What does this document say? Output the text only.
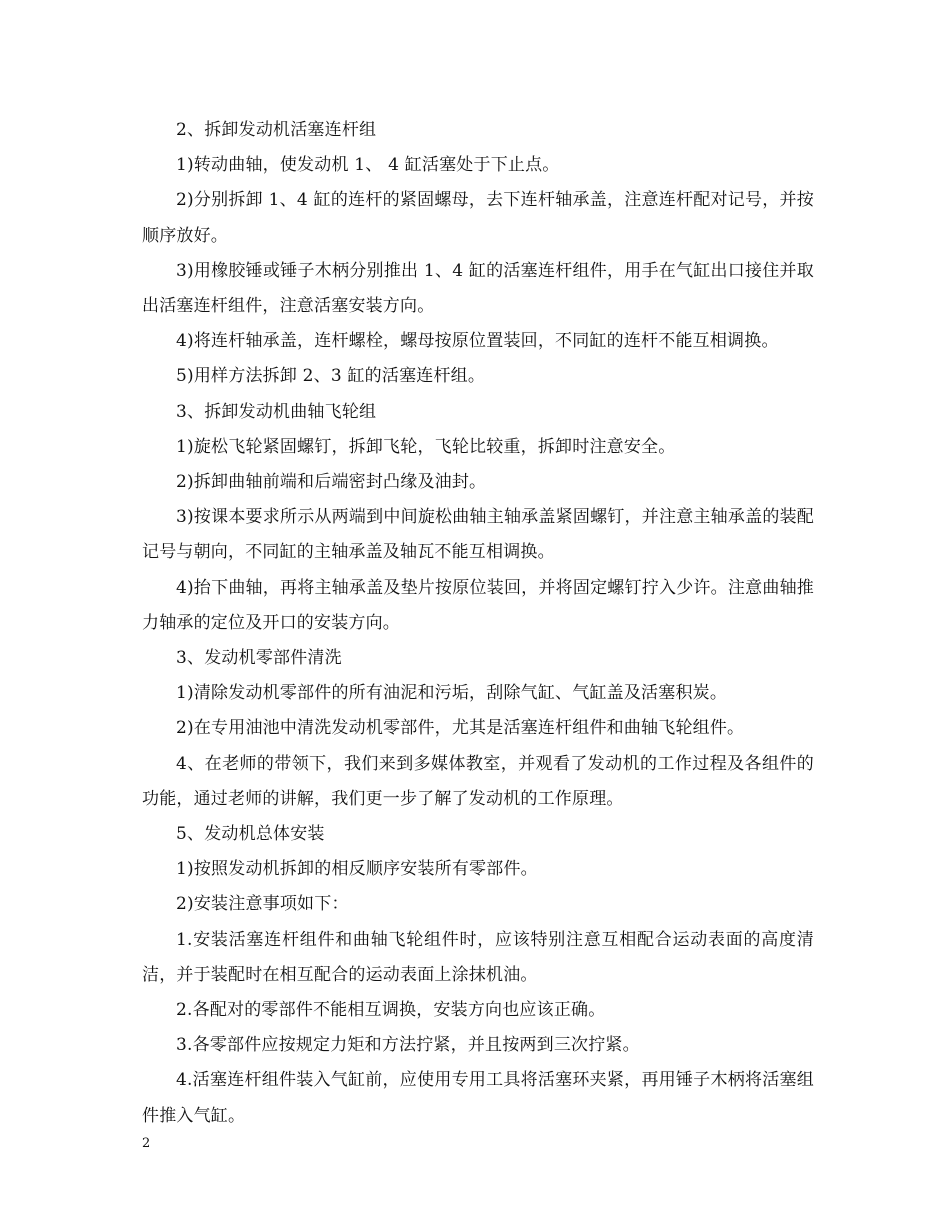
2、拆卸发动机活塞连杆组

1)转动曲轴，使发动机 1、 4 缸活塞处于下止点。

2)分别拆卸 1、4 缸的连杆的紧固螺母，去下连杆轴承盖，注意连杆配对记号，并按顺序放好。

3)用橡胶锤或锤子木柄分别推出 1、4 缸的活塞连杆组件，用手在气缸出口接住并取出活塞连杆组件，注意活塞安装方向。

4)将连杆轴承盖，连杆螺栓，螺母按原位置装回，不同缸的连杆不能互相调换。

5)用样方法拆卸 2、3 缸的活塞连杆组。

3、拆卸发动机曲轴飞轮组

1)旋松飞轮紧固螺钉，拆卸飞轮，飞轮比较重，拆卸时注意安全。

2)拆卸曲轴前端和后端密封凸缘及油封。

3)按课本要求所示从两端到中间旋松曲轴主轴承盖紧固螺钉，并注意主轴承盖的装配记号与朝向，不同缸的主轴承盖及轴瓦不能互相调换。

4)抬下曲轴，再将主轴承盖及垫片按原位装回，并将固定螺钉拧入少许。注意曲轴推力轴承的定位及开口的安装方向。

3、发动机零部件清洗

1)清除发动机零部件的所有油泥和污垢，刮除气缸、气缸盖及活塞积炭。

2)在专用油池中清洗发动机零部件，尤其是活塞连杆组件和曲轴飞轮组件。

4、在老师的带领下，我们来到多媒体教室，并观看了发动机的工作过程及各组件的功能，通过老师的讲解，我们更一步了解了发动机的工作原理。

5、发动机总体安装

1)按照发动机拆卸的相反顺序安装所有零部件。

2)安装注意事项如下：

1.安装活塞连杆组件和曲轴飞轮组件时，应该特别注意互相配合运动表面的高度清洁，并于装配时在相互配合的运动表面上涂抹机油。

2.各配对的零部件不能相互调换，安装方向也应该正确。

3.各零部件应按规定力矩和方法拧紧，并且按两到三次拧紧。

4.活塞连杆组件装入气缸前，应使用专用工具将活塞环夹紧，再用锤子木柄将活塞组件推入气缸。

2
